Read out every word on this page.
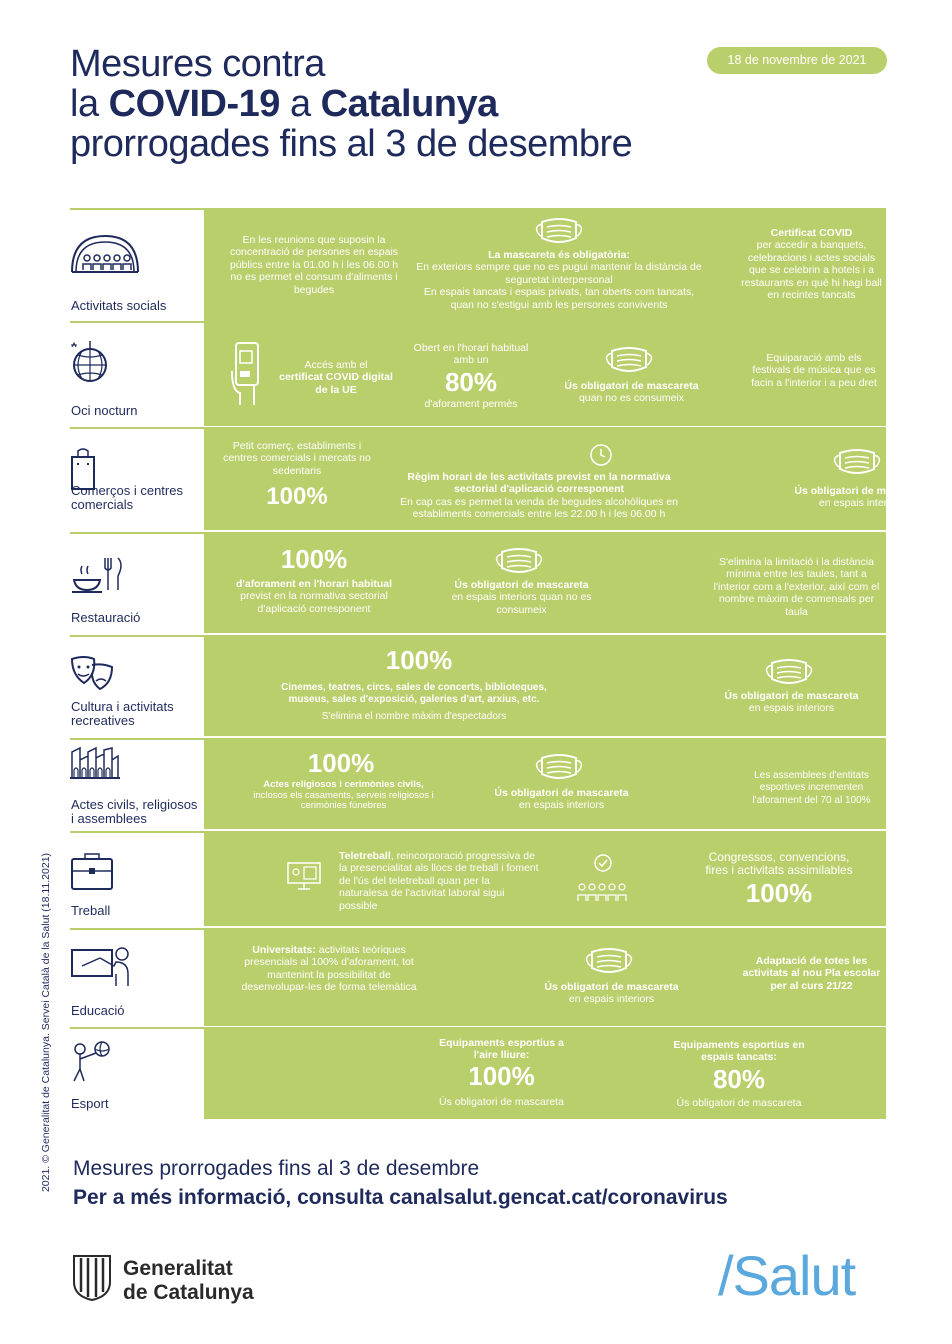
Mesures contra
la COVID-19 a Catalunya
prorrogades fins al 3 de desembre
18 de novembre de 2021
2021. © Generalitat de Catalunya. Servei Català de la Salut (18.11.2021)
Activitats socials
En les reunions que suposin la concentració de persones en espais públics entre la 01.00 h i les 06.00 h no es permet el consum d'aliments i begudes
La mascareta és obligatòria:
En exteriors sempre que no es pugui mantenir la distància de seguretat interpersonal
En espais tancats i espais privats, tan oberts com tancats, quan no s'estigui amb les persones convivents
Certificat COVID
per accedir a banquets, celebracions i actes socials que se celebrin a hotels i a restaurants en què hi hagi ball en recintes tancats
Oci nocturn
Accés amb el
certificat COVID digital de la UE
Obert en l'horari habitual amb un
80%
d'aforament permès
Ús obligatori de mascareta
quan no es consumeix
Equiparació amb els festivals de música que es facin a l'interior i a peu dret
Comerços i centres comercials
Petit comerç, establiments i centres comercials i mercats no sedentaris
100%
Règim horari de les activitats previst en la normativa sectorial d'aplicació corresponent
En cap cas es permet la venda de begudes alcohòliques en establiments comercials entre les 22.00 h i les 06.00 h
Ús obligatori de mascareta
en espais interiors
Restauració
100%
d'aforament en l'horari habitual
previst en la normativa sectorial d'aplicació corresponent
Ús obligatori de mascareta
en espais interiors quan no es consumeix
S'elimina la limitació i la distància mínima entre les taules, tant a l'interior com a l'exterior, així com el nombre màxim de comensals per taula
Cultura i activitats recreatives
100%
Cinemes, teatres, circs, sales de concerts, biblioteques, museus, sales d'exposició, galeries d'art, arxius, etc.
S'elimina el nombre màxim d'espectadors
Ús obligatori de mascareta
en espais interiors
Actes civils, religiosos i assemblees
100%
Actes religiosos i cerimònies civils,
inclosos els casaments, serveis religiosos i cerimònies fúnebres
Ús obligatori de mascareta
en espais interiors
Les assemblees d'entitats esportives incrementen l'aforament del 70 al 100%
Treball
Teletreball, reincorporació progressiva de la presencialitat als llocs de treball i foment de l'ús del teletreball quan per la naturalesa de l'activitat laboral sigui possible
Congressos, convencions, fires i activitats assimilables
100%
Educació
Universitats: activitats teòriques presencials al 100% d'aforament, tot mantenint la possibilitat de desenvolupar-les de forma telemàtica	Ús obligatori de mascareta
en espais interiors
Adaptació de totes les activitats al nou Pla escolar per al curs 21/22
Esport
Equipaments esportius a l'aire lliure:
100%
Ús obligatori de mascareta
Equipaments esportius en espais tancats:
80%
Ús obligatori de mascareta
Mesures prorrogades fins al 3 de desembre
Per a més informació, consulta canalsalut.gencat.cat/coronavirus
Generalitat
de Catalunya	/Salut
